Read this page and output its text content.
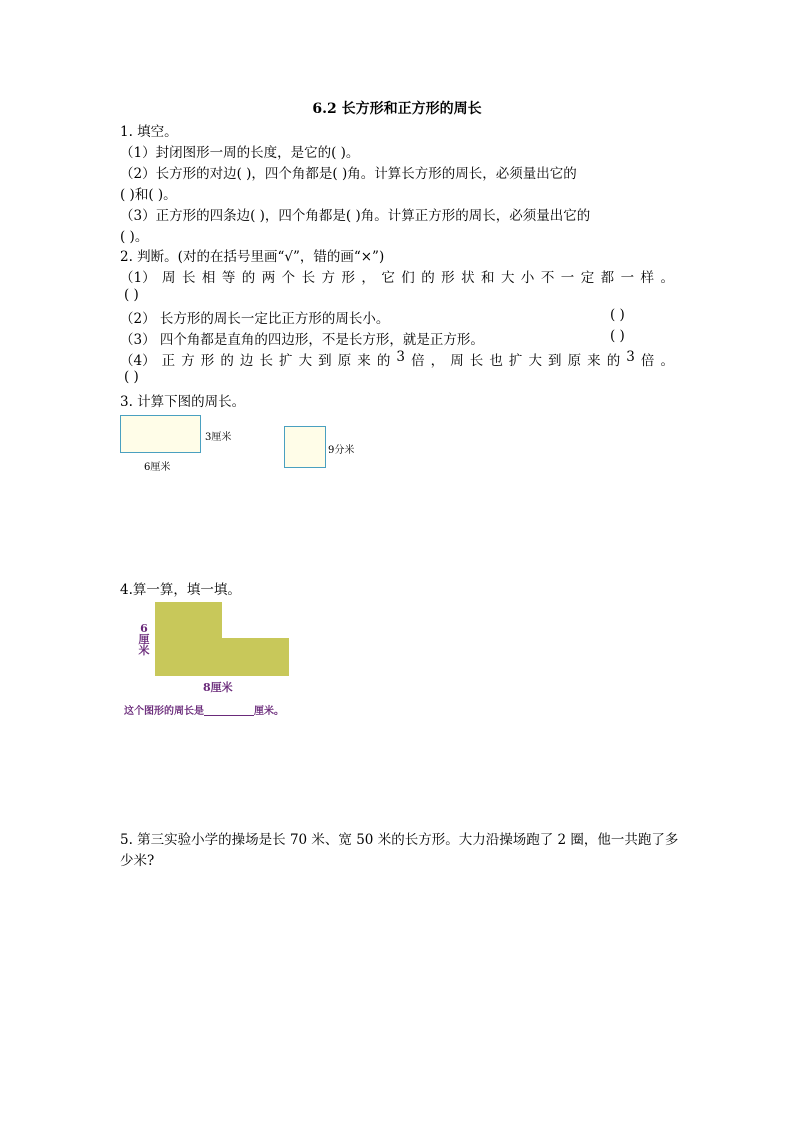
6.2 长方形和正方形的周长
1. 填空。
（1）封闭图形一周的长度，是它的( )。
（2）长方形的对边( )，四个角都是( )角。计算长方形的周长，必须量出它的
( )和( )。
（3）正方形的四条边( )，四个角都是( )角。计算正方形的周长，必须量出它的
( )。
2. 判断。(对的在括号里画“√”，错的画“×”)
（1） 周 长 相 等 的 两 个 长 方 形 ， 它 们 的 形 状 和 大 小 不 一 定 都 一 样 。
( )
（2） 长方形的周长一定比正方形的周长小。	( )
（3） 四个角都是直角的四边形，不是长方形，就是正方形。	( )
（4） 正 方 形 的 边 长 扩 大 到 原 来 的 3 倍 ， 周 长 也 扩 大 到 原 来 的 3 倍 。
( )
3. 计算下图的周长。
3厘米
6厘米
9分米
4.算一算，填一填。
6厘米
8厘米
这个图形的周长是	厘米。
5. 第三实验小学的操场是长 70 米、宽 50 米的长方形。大力沿操场跑了 2 圈，他一共跑了多
少米?
